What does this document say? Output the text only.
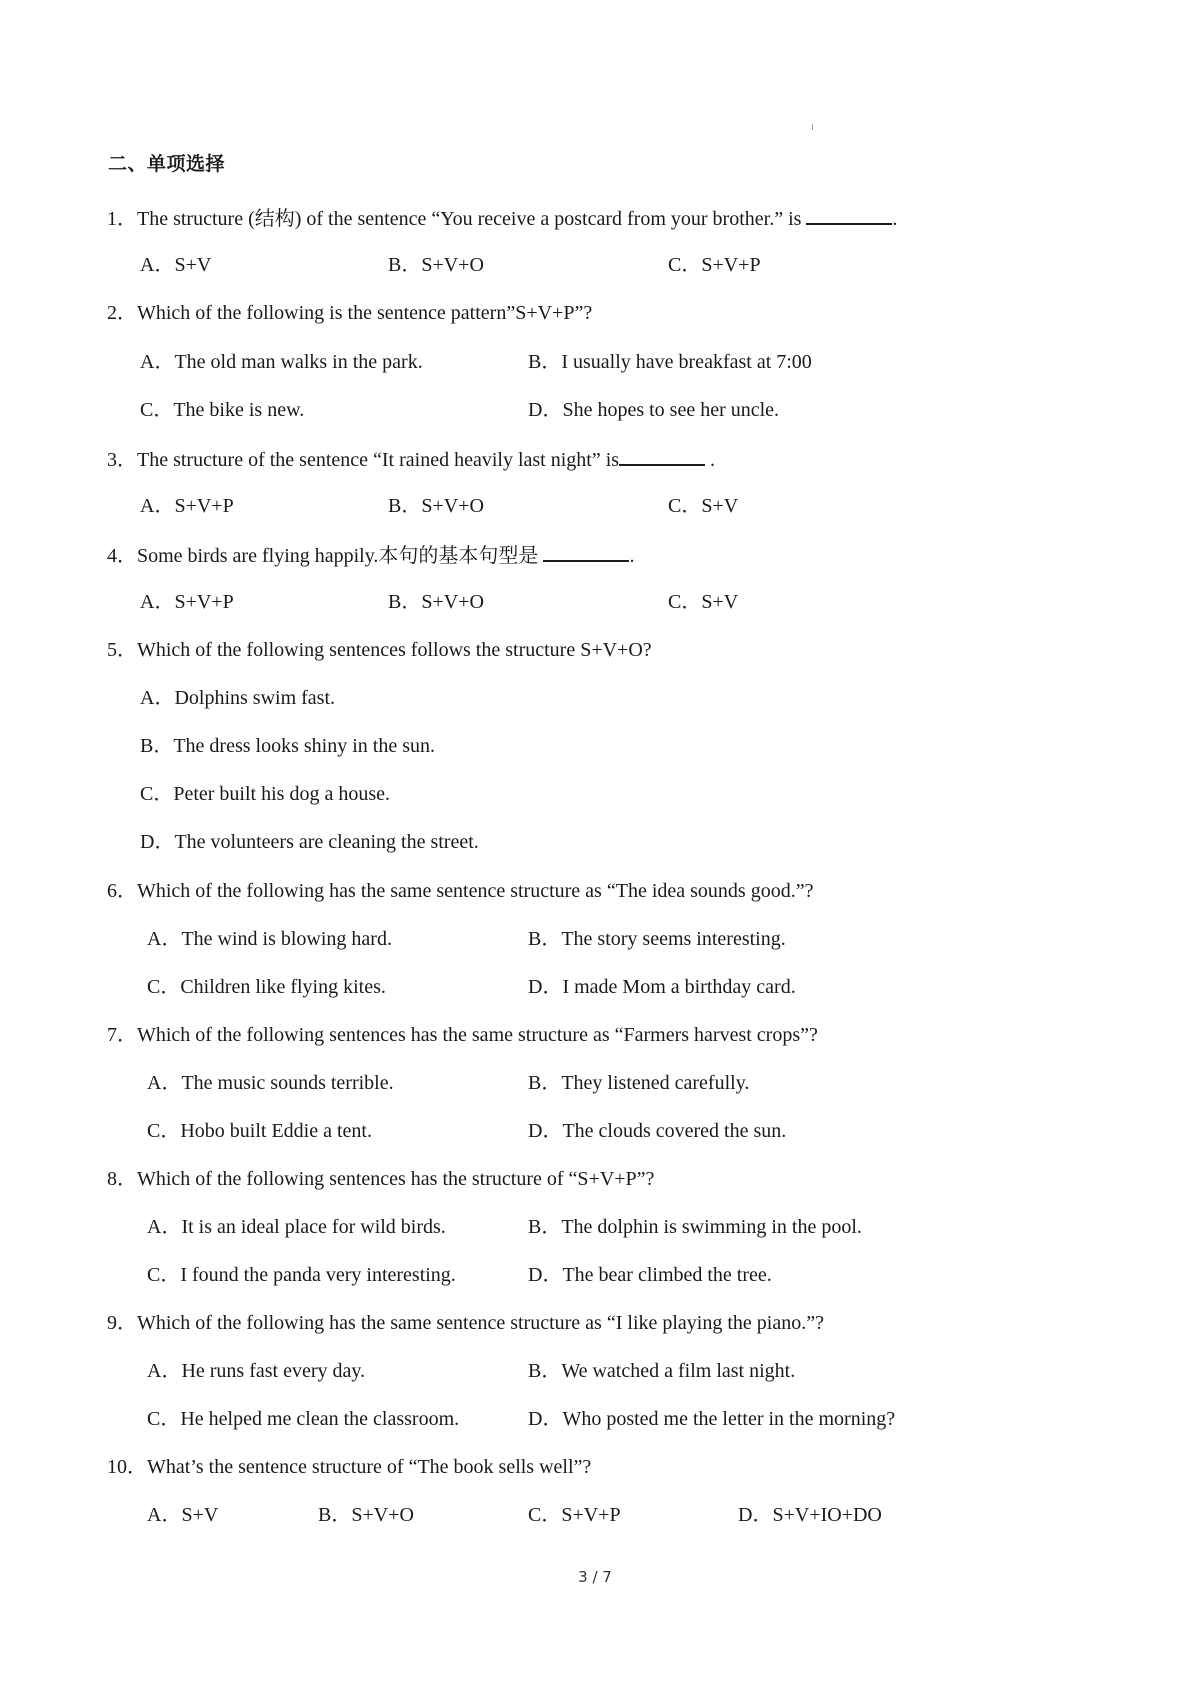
二、单项选择
1．The structure (结构) of the sentence “You receive a postcard from your brother.” is	.
A．S+V	B．S+V+O	C．S+V+P
2．Which of the following is the sentence pattern”S+V+P”?
A．The old man walks in the park.	B．I usually have breakfast at 7:00
C．The bike is new.	D．She hopes to see her uncle.
3．The structure of the sentence “It rained heavily last night” is	.
A．S+V+P	B．S+V+O	C．S+V
4．Some birds are flying happily.本句的基本句型是	.
A．S+V+P	B．S+V+O	C．S+V
5．Which of the following sentences follows the structure S+V+O?
A．Dolphins swim fast.
B．The dress looks shiny in the sun.
C．Peter built his dog a house.
D．The volunteers are cleaning the street.
6．Which of the following has the same sentence structure as “The idea sounds good.”?
A．The wind is blowing hard.	B．The story seems interesting.
C．Children like flying kites.	D．I made Mom a birthday card.
7．Which of the following sentences has the same structure as “Farmers harvest crops”?
A．The music sounds terrible.	B．They listened carefully.
C．Hobo built Eddie a tent.	D．The clouds covered the sun.
8．Which of the following sentences has the structure of “S+V+P”?
A．It is an ideal place for wild birds.	B．The dolphin is swimming in the pool.
C．I found the panda very interesting.	D．The bear climbed the tree.
9．Which of the following has the same sentence structure as “I like playing the piano.”?
A．He runs fast every day.	B．We watched a film last night.
C．He helped me clean the classroom.	D．Who posted me the letter in the morning?
10．What’s the sentence structure of “The book sells well”?
A．S+V	B．S+V+O	C．S+V+P	D．S+V+IO+DO
3 / 7
